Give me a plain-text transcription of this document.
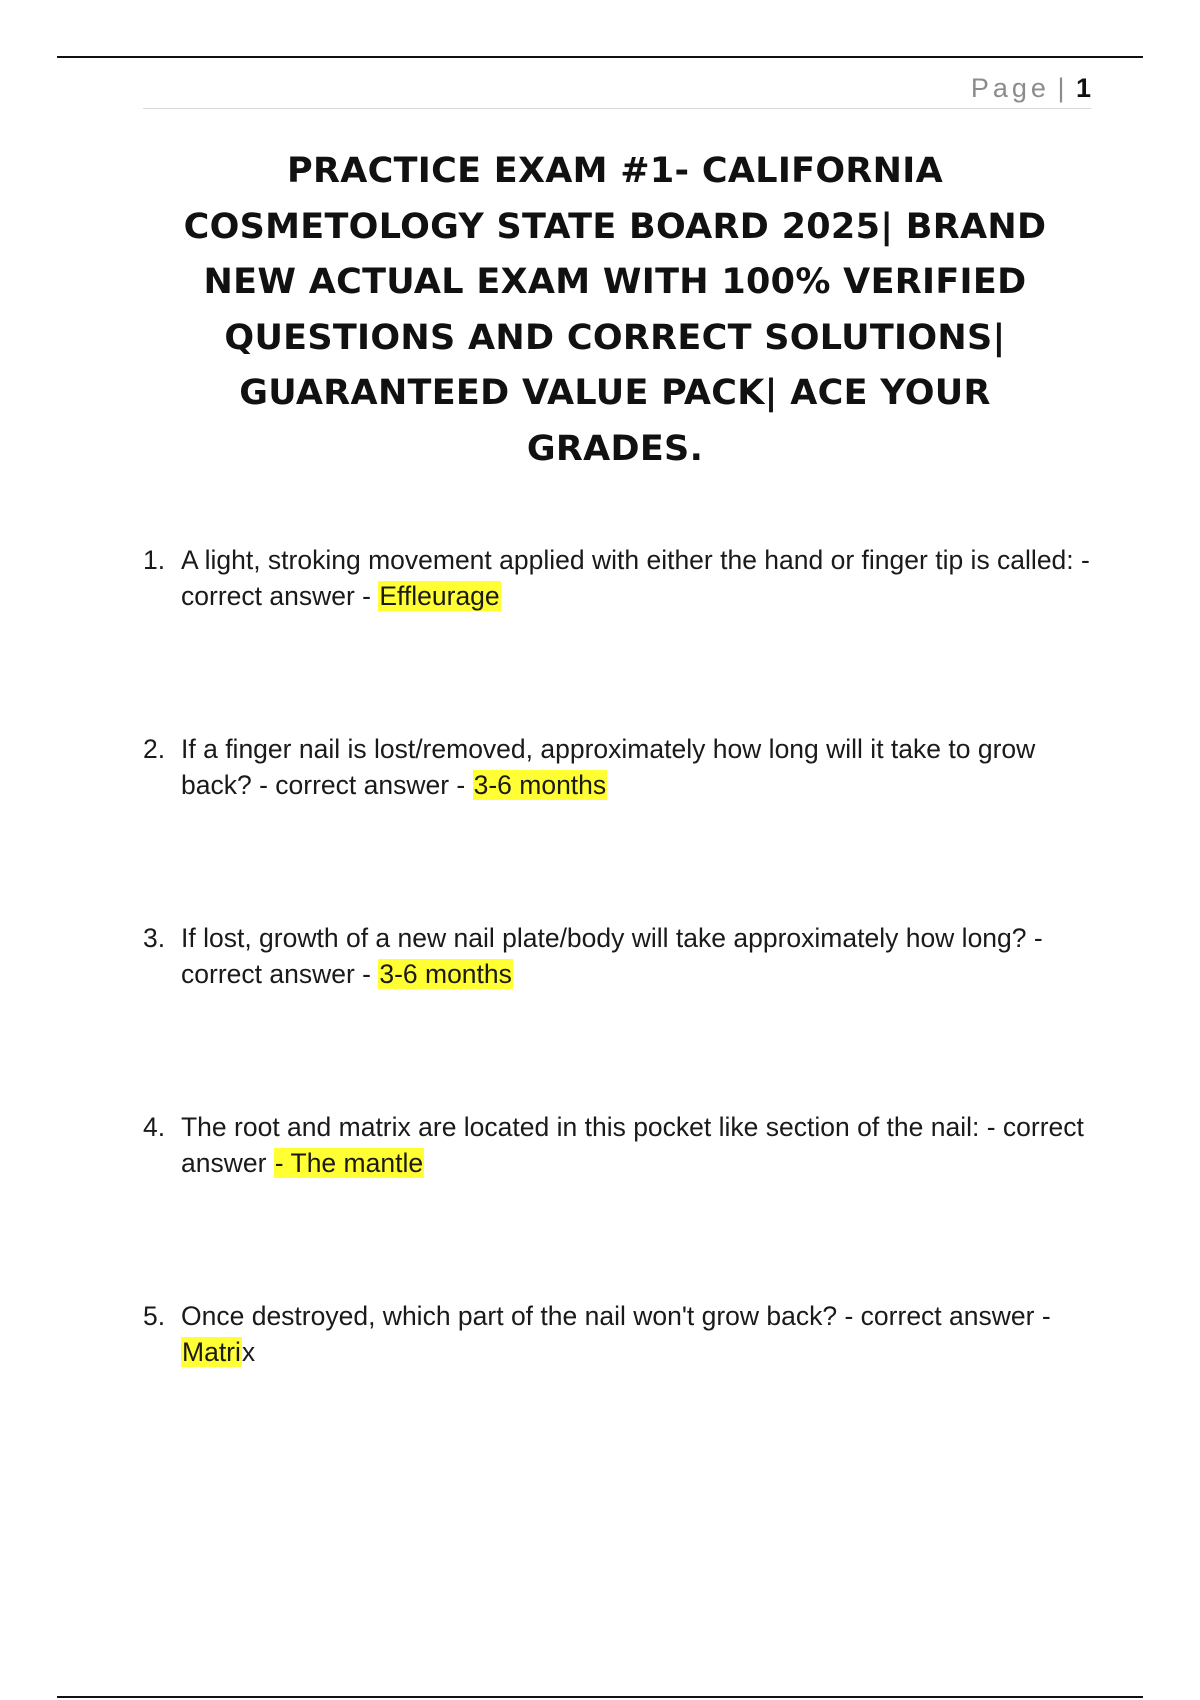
Page | 1
PRACTICE EXAM #1- CALIFORNIA COSMETOLOGY STATE BOARD 2025| BRAND NEW ACTUAL EXAM WITH 100% VERIFIED QUESTIONS AND CORRECT SOLUTIONS| GUARANTEED VALUE PACK| ACE YOUR GRADES.
1. A light, stroking movement applied with either the hand or finger tip is called: - correct answer - Effleurage
2. If a finger nail is lost/removed, approximately how long will it take to grow back? - correct answer - 3-6 months
3. If lost, growth of a new nail plate/body will take approximately how long? - correct answer - 3-6 months
4. The root and matrix are located in this pocket like section of the nail: - correct answer - The mantle
5. Once destroyed, which part of the nail won't grow back? - correct answer - Matrix
